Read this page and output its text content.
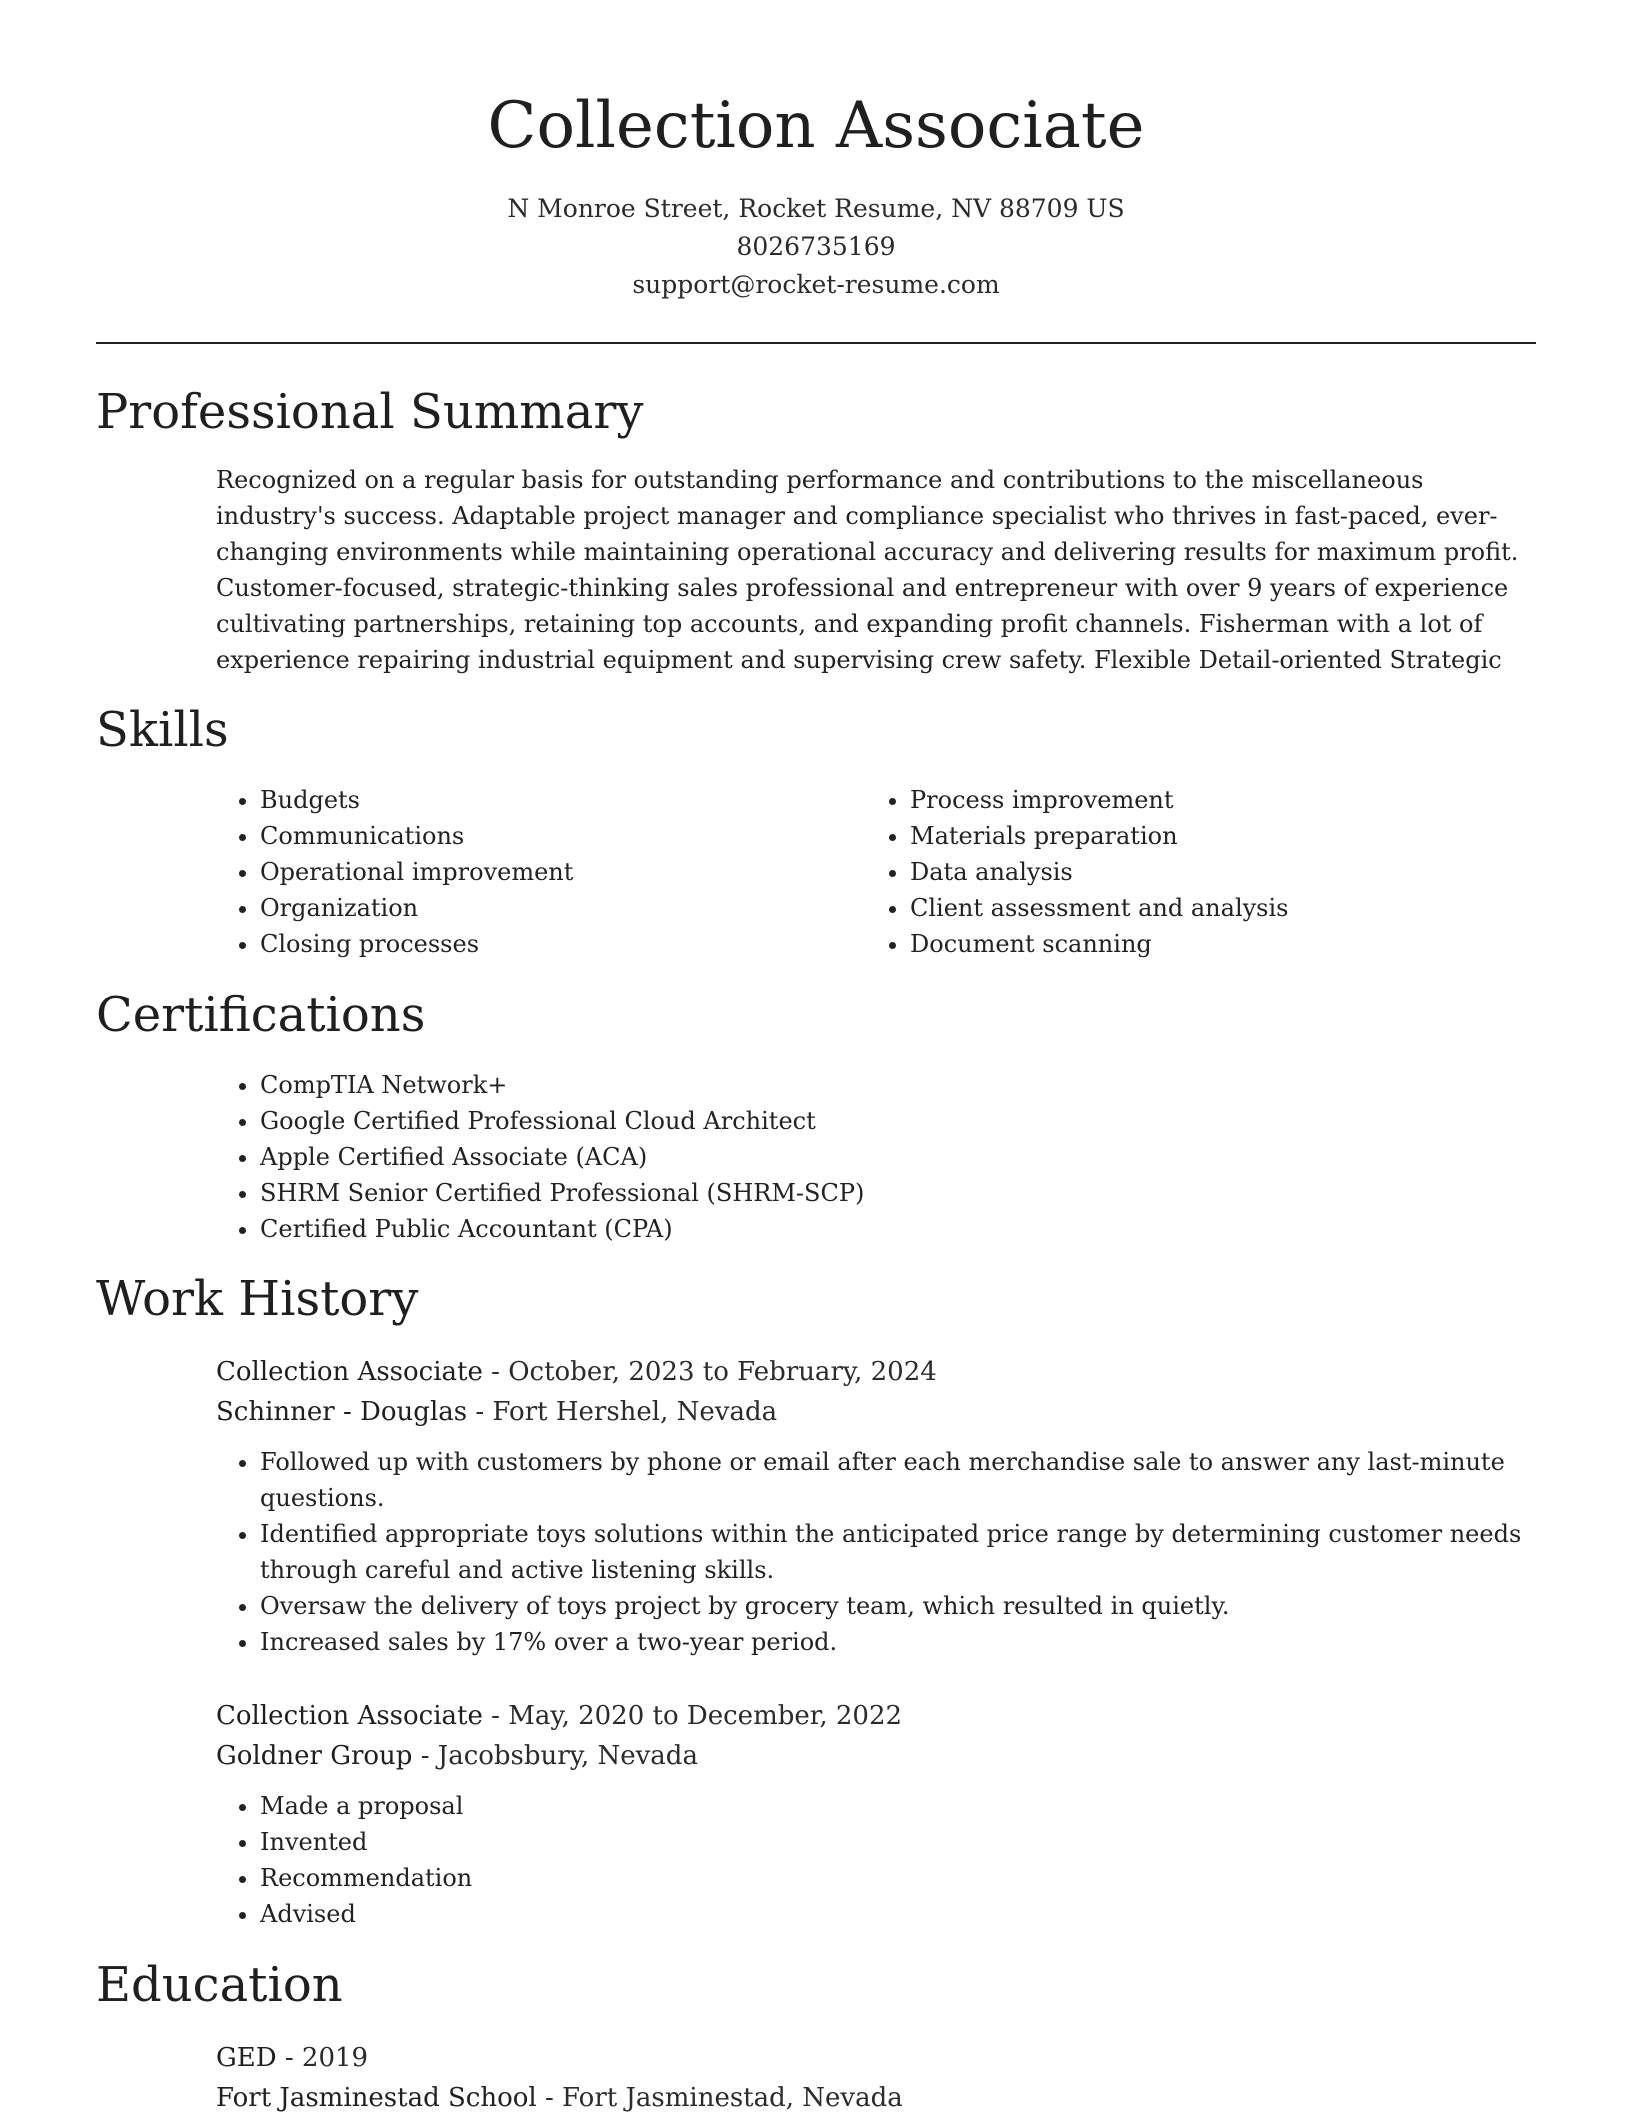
Collection Associate
N Monroe Street, Rocket Resume, NV 88709 US
8026735169
support@rocket-resume.com
Professional Summary

Recognized on a regular basis for outstanding performance and contributions to the miscellaneous industry's success. Adaptable project manager and compliance specialist who thrives in fast-paced, ever-changing environments while maintaining operational accuracy and delivering results for maximum profit. Customer-focused, strategic-thinking sales professional and entrepreneur with over 9 years of experience cultivating partnerships, retaining top accounts, and expanding profit channels. Fisherman with a lot of experience repairing industrial equipment and supervising crew safety. Flexible Detail-oriented Strategic

Skills
• Budgets
• Communications
• Operational improvement
• Organization
• Closing processes
• Process improvement
• Materials preparation
• Data analysis
• Client assessment and analysis
• Document scanning
Certifications
• CompTIA Network+
• Google Certified Professional Cloud Architect
• Apple Certified Associate (ACA)
• SHRM Senior Certified Professional (SHRM-SCP)
• Certified Public Accountant (CPA)
Work History
Collection Associate - October, 2023 to February, 2024
Schinner - Douglas - Fort Hershel, Nevada
• Followed up with customers by phone or email after each merchandise sale to answer any last-minute questions.
• Identified appropriate toys solutions within the anticipated price range by determining customer needs through careful and active listening skills.
• Oversaw the delivery of toys project by grocery team, which resulted in quietly.
• Increased sales by 17% over a two-year period.
Collection Associate - May, 2020 to December, 2022
Goldner Group - Jacobsbury, Nevada
• Made a proposal
• Invented
• Recommendation
• Advised
Education
GED - 2019
Fort Jasminestad School - Fort Jasminestad, Nevada
